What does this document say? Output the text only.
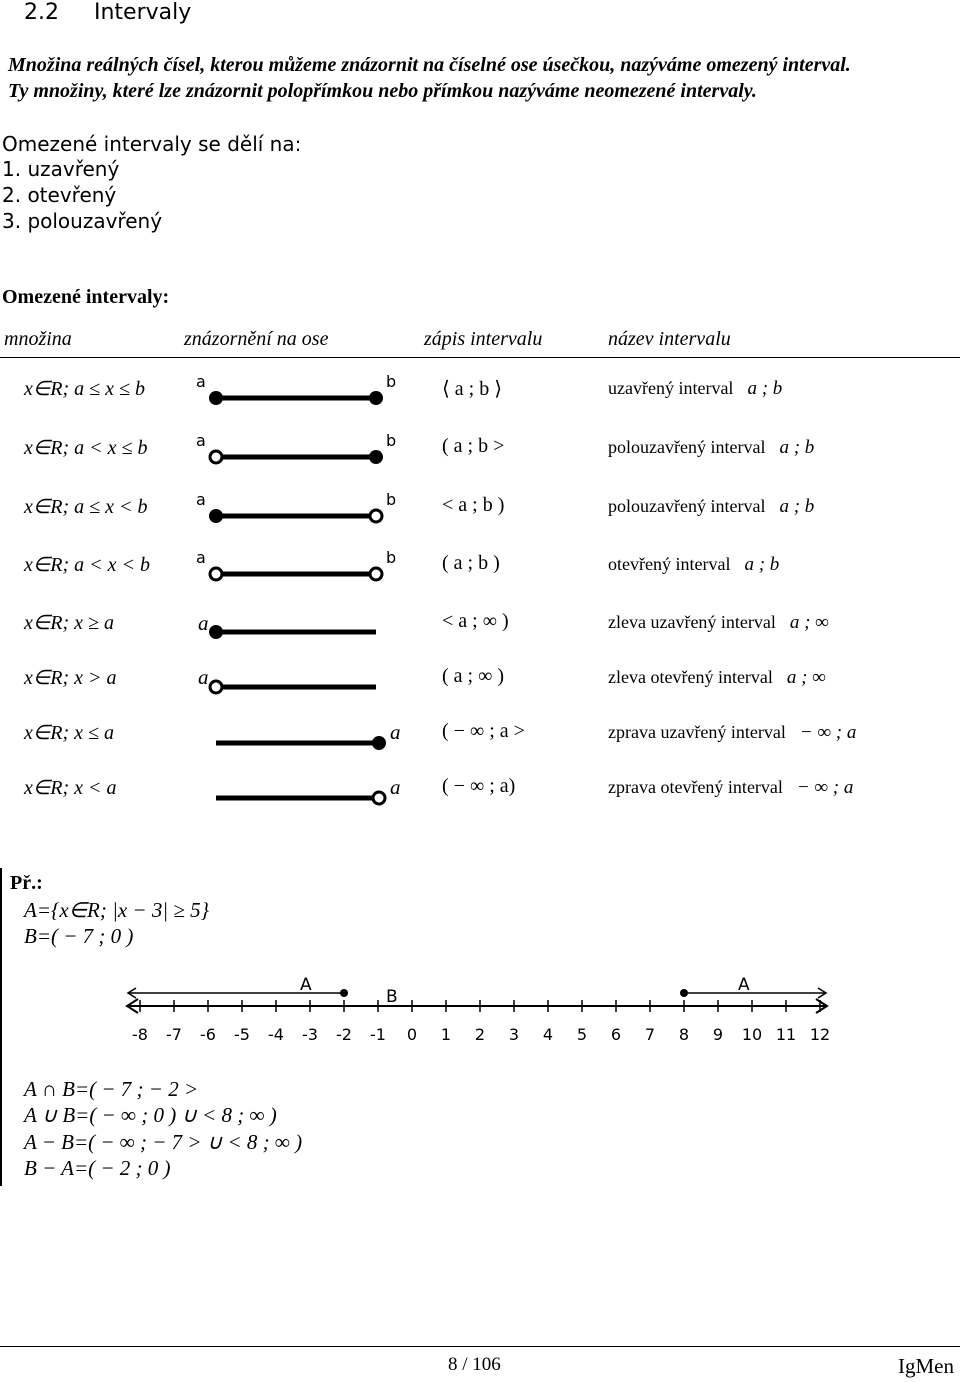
2.2 Intervaly
Množina reálných čísel, kterou můžeme znázornit na číselné ose úsečkou, nazýváme omezený interval.
Ty množiny, které lze znázornit polopřímkou nebo přímkou nazýváme neomezené intervaly.
Omezené intervaly se dělí na:
1. uzavřený
2. otevřený
3. polouzavřený
Omezené intervaly:
množina	znázornění na ose	zápis intervalu	název intervalu
x∈R; a ≤ x ≤ b	⟨ a ; b ⟩	uzavřený interval a ; b
x∈R; a < x ≤ b	( a ; b >	polouzavřený interval a ; b
x∈R; a ≤ x < b	< a ; b )	polouzavřený interval a ; b
x∈R; a < x < b	( a ; b )	otevřený interval a ; b
x∈R; x ≥ a	< a ; ∞ )	zleva uzavřený interval a ; ∞
x∈R; x > a	( a ; ∞ )	zleva otevřený interval a ; ∞
x∈R; x ≤ a	( − ∞ ; a >	zprava uzavřený interval − ∞ ; a
x∈R; x < a	( − ∞ ; a)	zprava otevřený interval − ∞ ; a
a	b
a	b
a	b
a	b
a
a
a
a
Př.:
A={x∈R; |x − 3| ≥ 5}
B=( − 7 ; 0 )
-8 -7 -6 -5 -4 -3 -2 -1 0 1 2 3 4 5 6 7 8 9 10 11 12
A
B
A
A ∩ B=( − 7 ; − 2 >
A ∪ B=( − ∞ ; 0 ) ∪ < 8 ; ∞ )
A − B=( − ∞ ; − 7 > ∪ < 8 ; ∞ )
B − A=( − 2 ; 0 )
8 / 106	IgMen
